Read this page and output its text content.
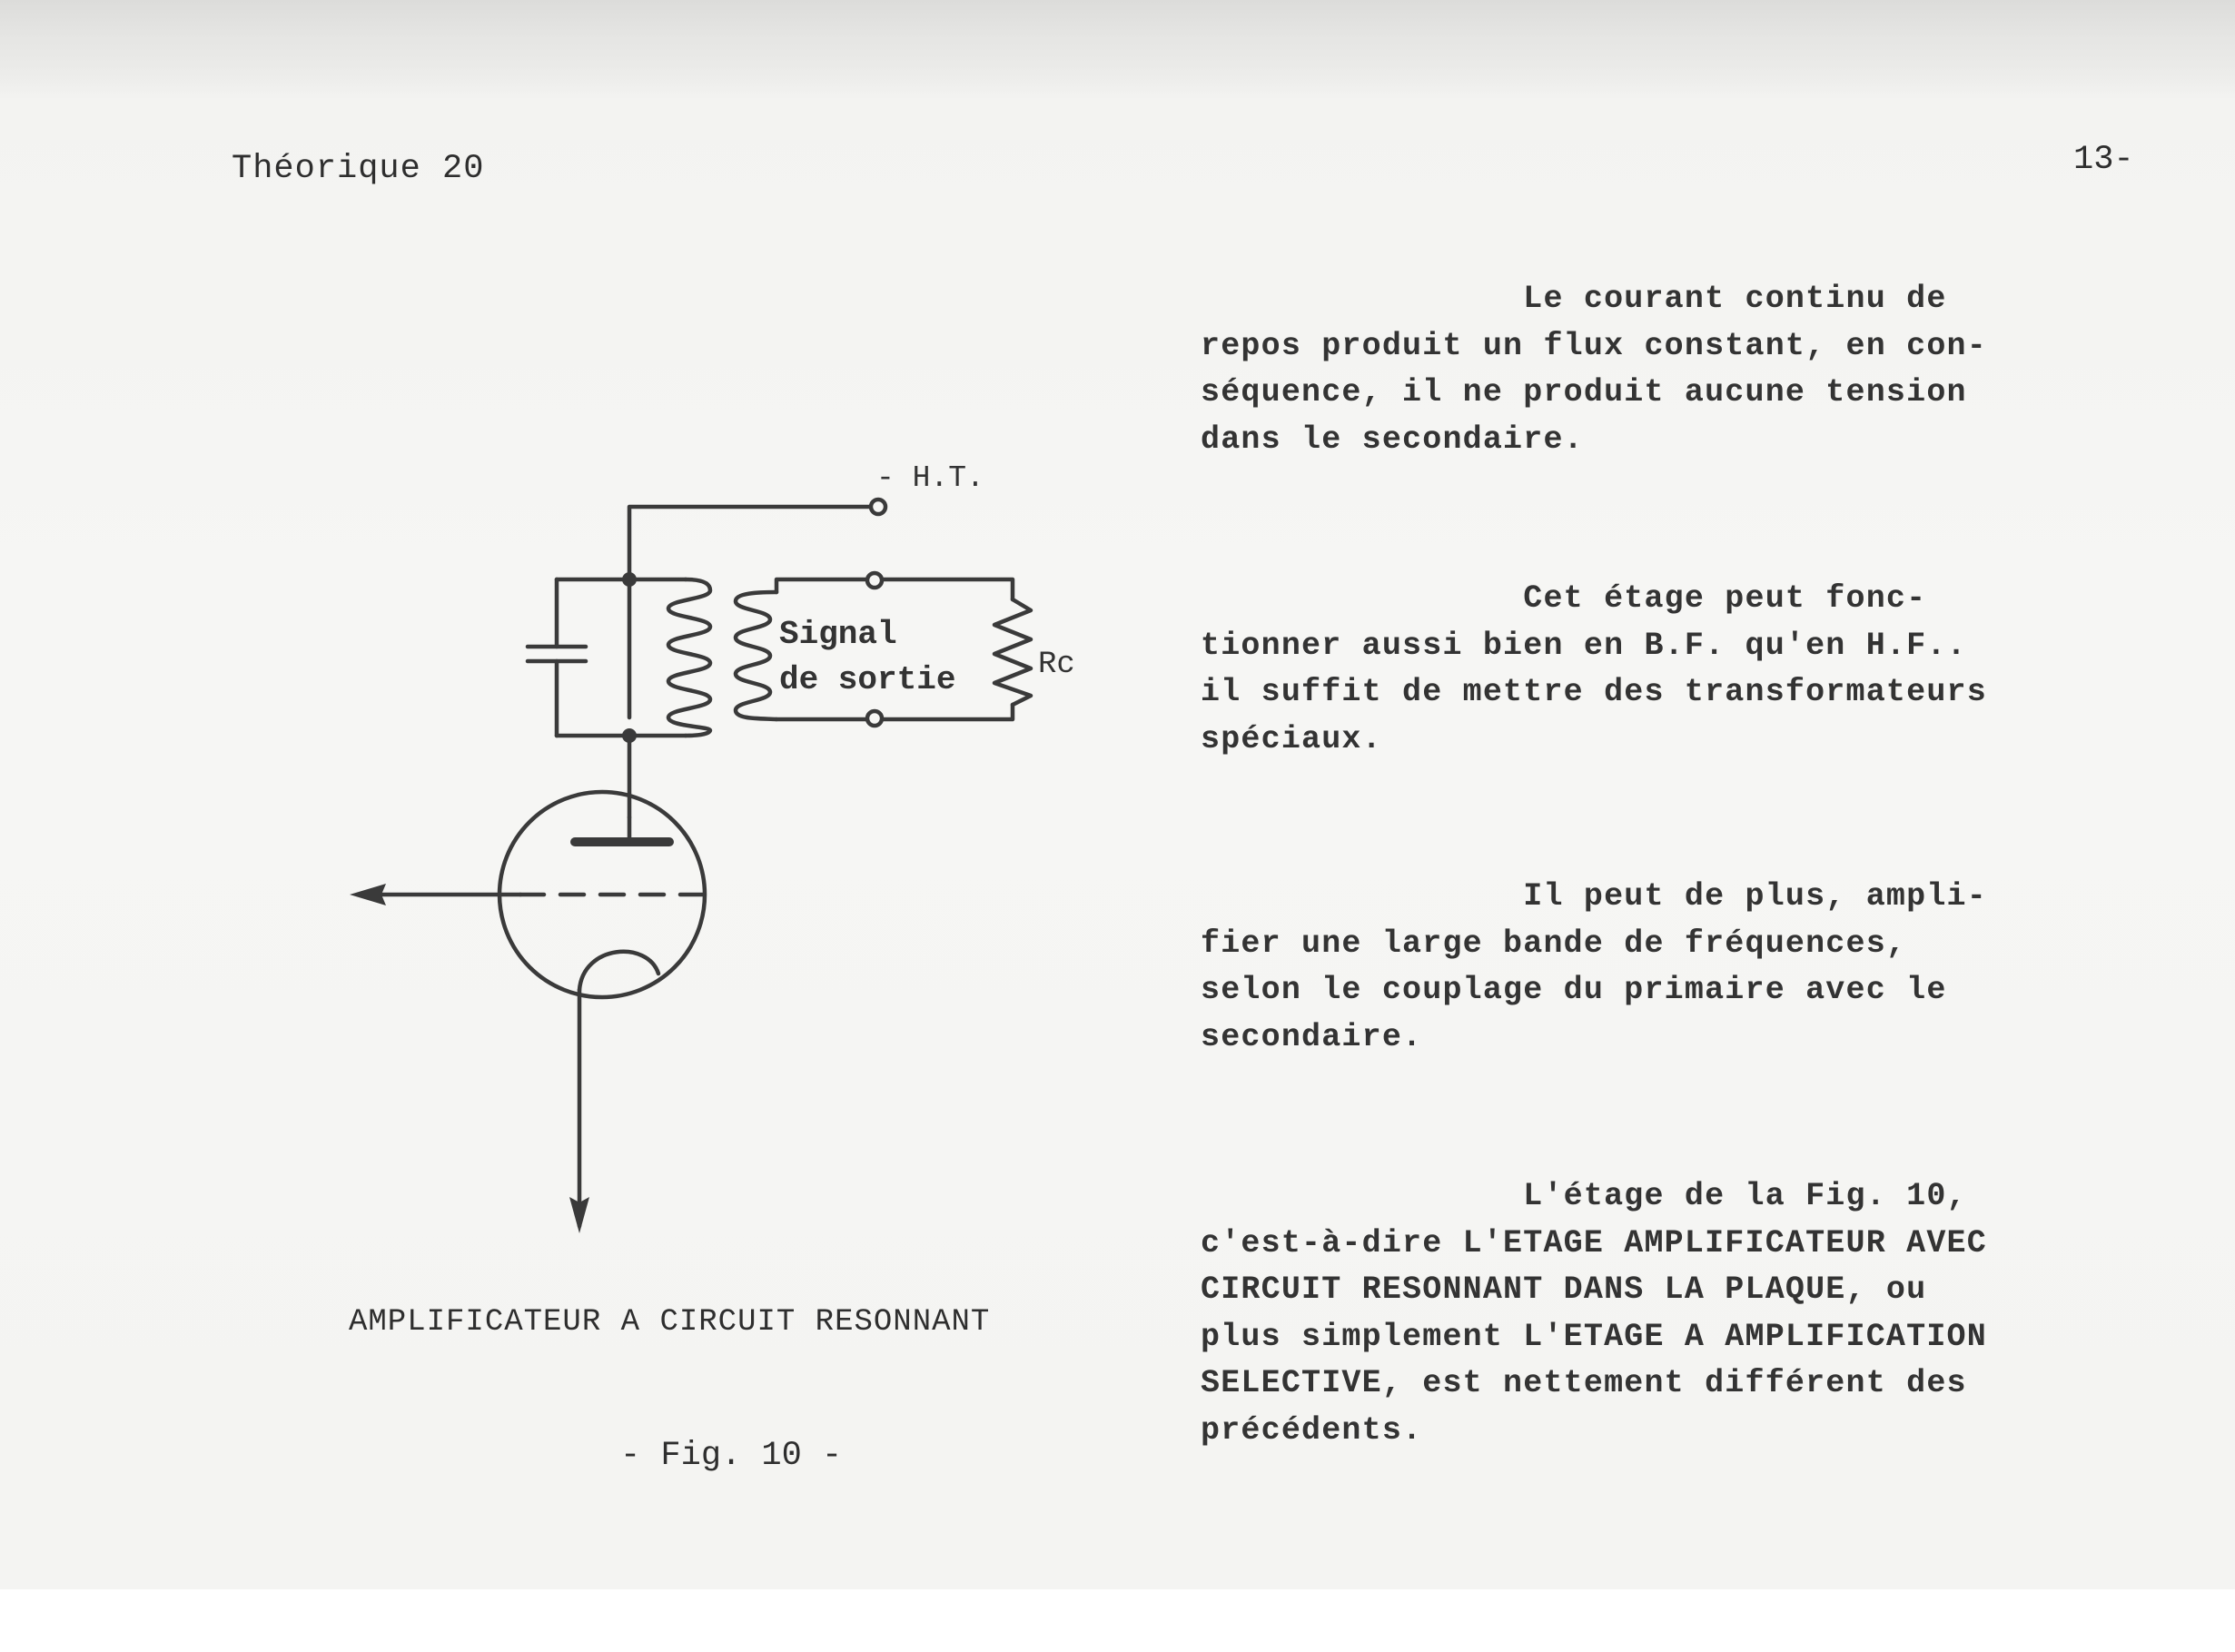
Théorique 20	13-
- H.T.
Signal
de sortie	Rc
AMPLIFICATEUR A CIRCUIT RESONNANT
- Fig. 10 -

Le courant continu de
repos produit un flux constant, en con-
séquence, il ne produit aucune tension
dans le secondaire.

Cet étage peut fonc-
tionner aussi bien en B.F. qu'en H.F..
il suffit de mettre des transformateurs
spéciaux.

Il peut de plus, ampli-
fier une large bande de fréquences,
selon le couplage du primaire avec le
secondaire.

L'étage de la Fig. 10,
c'est-à-dire L'ETAGE AMPLIFICATEUR AVEC
CIRCUIT RESONNANT DANS LA PLAQUE, ou
plus simplement L'ETAGE A AMPLIFICATION
SELECTIVE, est nettement différent des
précédents.
